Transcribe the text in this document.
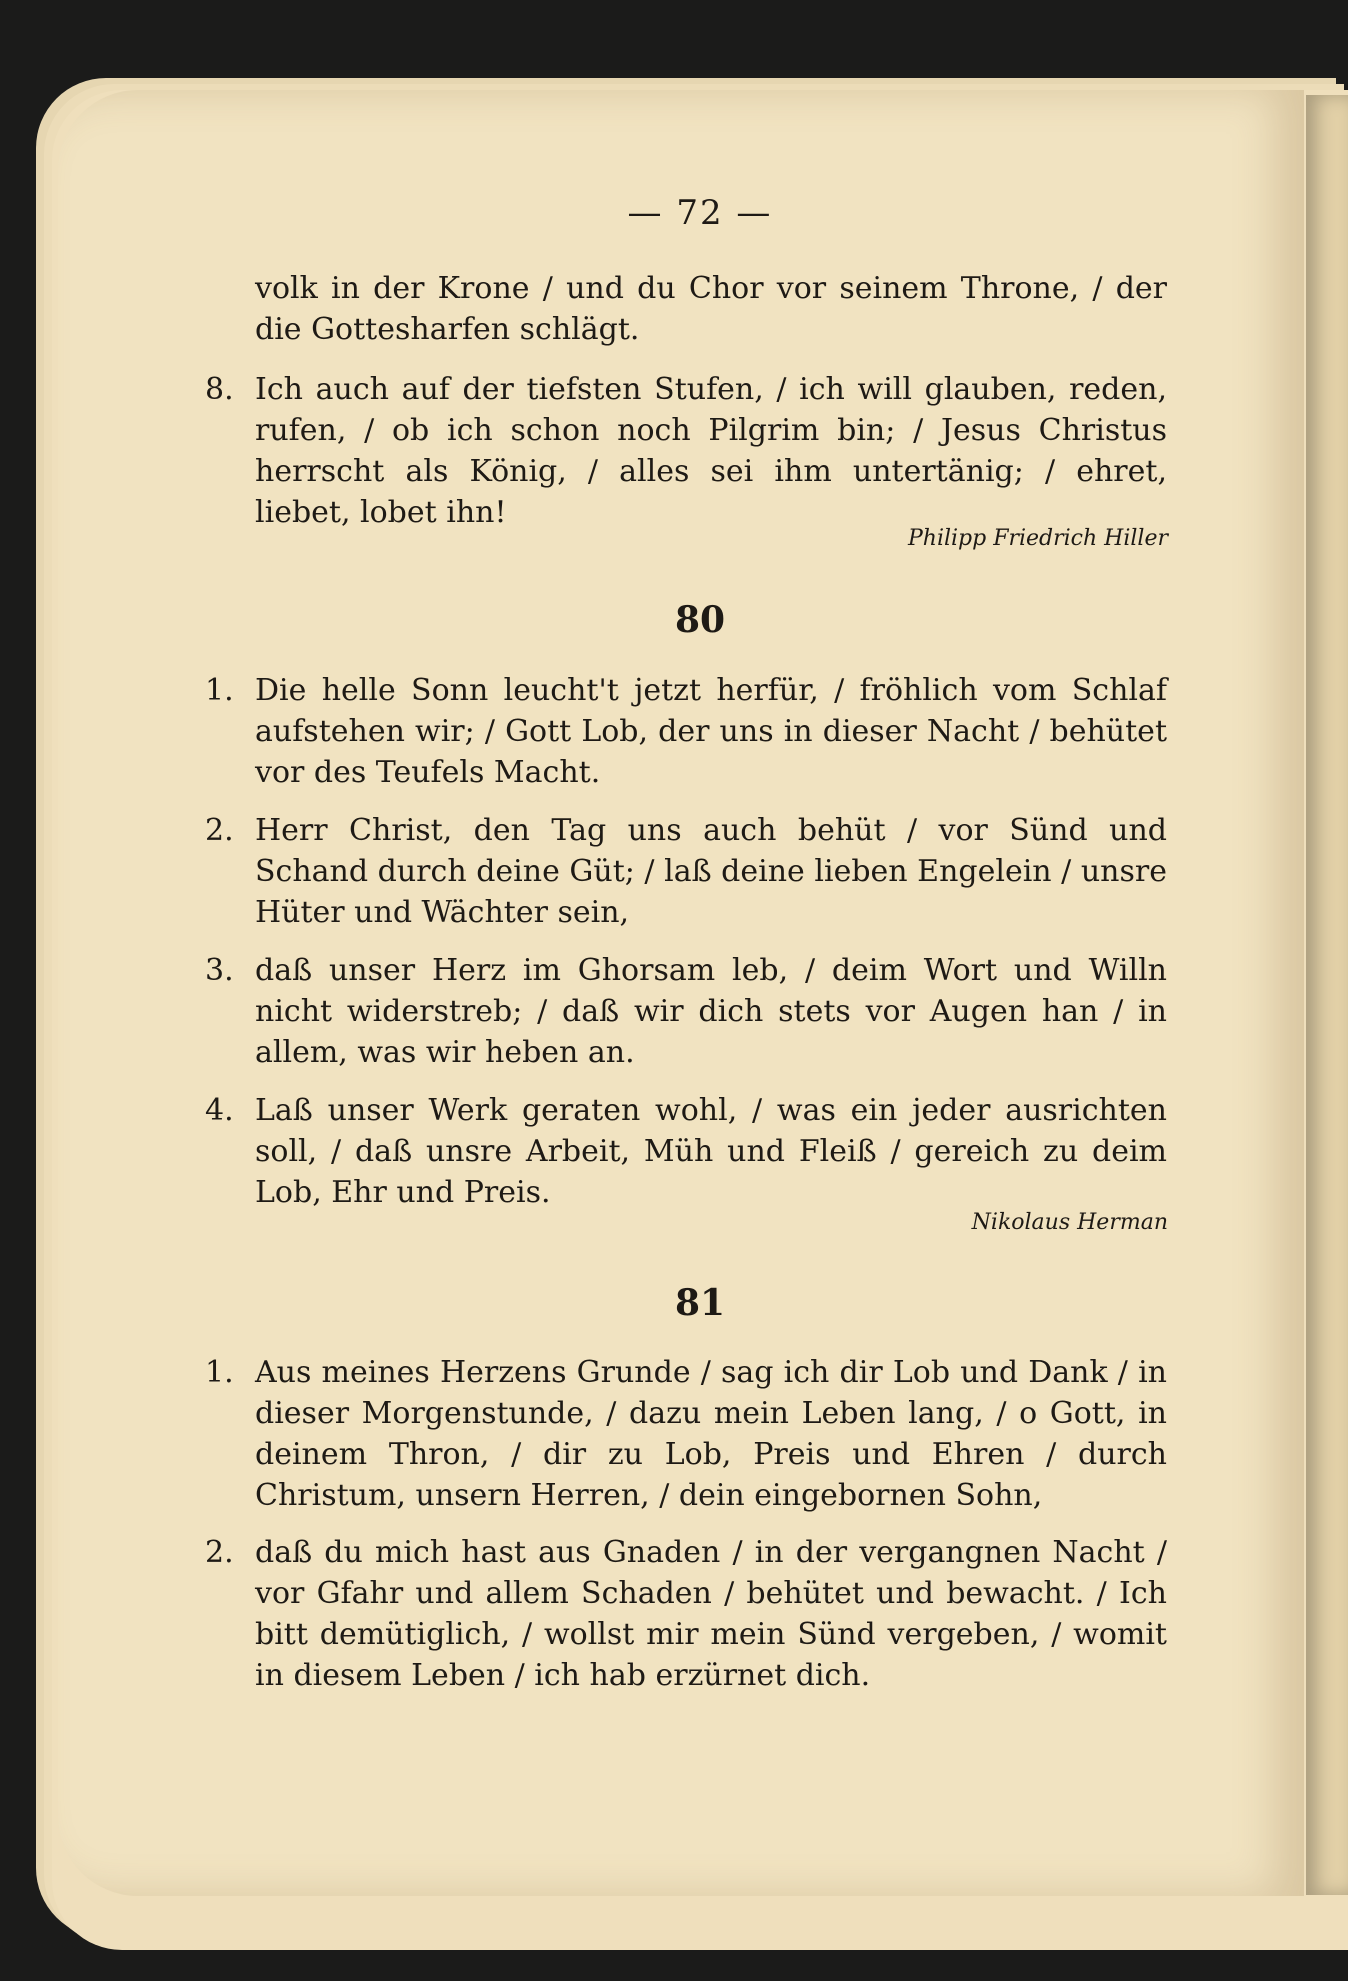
— 72 —
volk in der Krone / und du Chor vor seinem Throne, / der die Gottesharfen schlägt.
8. Ich auch auf der tiefsten Stufen, / ich will glauben, reden, rufen, / ob ich schon noch Pilgrim bin; / Jesus Christus herrscht als König, / alles sei ihm untertänig; / ehret, liebet, lobet ihn!
Philipp Friedrich Hiller
80
1. Die helle Sonn leucht't jetzt herfür, / fröhlich vom Schlaf aufstehen wir; / Gott Lob, der uns in dieser Nacht / behütet vor des Teufels Macht.
2. Herr Christ, den Tag uns auch behüt / vor Sünd und Schand durch deine Güt; / laß deine lieben Engelein / unsre Hüter und Wächter sein,
3. daß unser Herz im Ghorsam leb, / deim Wort und Willn nicht widerstreb; / daß wir dich stets vor Augen han / in allem, was wir heben an.
4. Laß unser Werk geraten wohl, / was ein jeder ausrichten soll, / daß unsre Arbeit, Müh und Fleiß / gereich zu deim Lob, Ehr und Preis.
Nikolaus Herman
81
1. Aus meines Herzens Grunde / sag ich dir Lob und Dank / in dieser Morgenstunde, / dazu mein Leben lang, / o Gott, in deinem Thron, / dir zu Lob, Preis und Ehren / durch Christum, unsern Herren, / dein eingebornen Sohn,
2. daß du mich hast aus Gnaden / in der vergangnen Nacht / vor Gfahr und allem Schaden / behütet und bewacht. / Ich bitt demütiglich, / wollst mir mein Sünd vergeben, / womit in diesem Leben / ich hab erzürnet dich.
